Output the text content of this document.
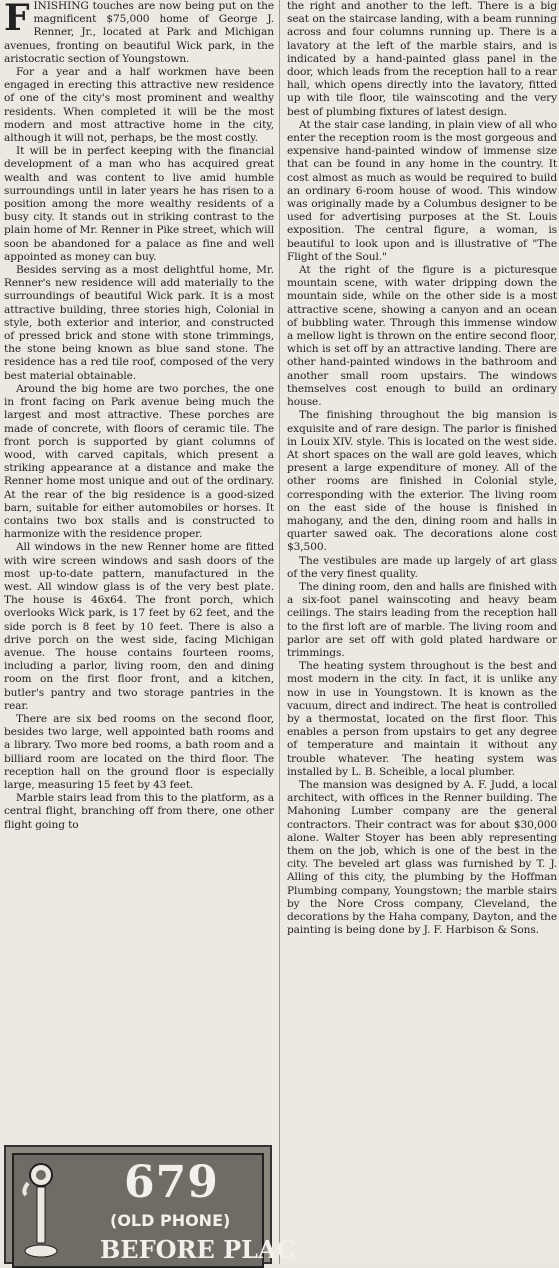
FINISHING touches are now being put on the magnificent $75,000 home of George J. Renner, Jr., located at Park and Michigan avenues, fronting on beautiful Wick park, in the aristocratic section of Youngstown.

For a year and a half workmen have been engaged in erecting this attractive new residence of one of the city's most prominent and wealthy residents. When completed it will be the most modern and most attractive home in the city, although it will not, perhaps, be the most costly.

It will be in perfect keeping with the financial development of a man who has acquired great wealth and was content to live amid humble surroundings until in later years he has risen to a position among the more wealthy residents of a busy city. It stands out in striking contrast to the plain home of Mr. Renner in Pike street, which will soon be abandoned for a palace as fine and well appointed as money can buy.

Besides serving as a most delightful home, Mr. Renner's new residence will add materially to the surroundings of beautiful Wick park. It is a most attractive building, three stories high, Colonial in style, both exterior and interior, and constructed of pressed brick and stone with stone trimmings, the stone being known as blue sand stone. The residence has a red tile roof, composed of the very best material obtainable.

Around the big home are two porches, the one in front facing on Park avenue being much the largest and most attractive. These porches are made of concrete, with floors of ceramic tile. The front porch is supported by giant columns of wood, with carved capitals, which present a striking appearance at a distance and make the Renner home most unique and out of the ordinary. At the rear of the big residence is a good-sized barn, suitable for either automobiles or horses. It contains two box stalls and is constructed to harmonize with the residence proper.

All windows in the new Renner home are fitted with wire screen windows and sash doors of the most up-to-date pattern, manufactured in the west. All window glass is of the very best plate. The house is 46x64. The front porch, which overlooks Wick park, is 17 feet by 62 feet, and the side porch is 8 feet by 10 feet. There is also a drive porch on the west side, facing Michigan avenue. The house contains fourteen rooms, including a parlor, living room, den and dining room on the first floor front, and a kitchen, butler's pantry and two storage pantries in the rear.

There are six bed rooms on the second floor, besides two large, well appointed bath rooms and a library. Two more bed rooms, a bath room and a billiard room are located on the third floor. The reception hall on the ground floor is especially large, measuring 15 feet by 43 feet.

Marble stairs lead from this to the platform, as a central flight, branching off from there, one other flight going to

the right and another to the left. There is a big seat on the staircase landing, with a beam running across and four columns running up. There is a lavatory at the left of the marble stairs, and is indicated by a hand-painted glass panel in the door, which leads from the reception hall to a rear hall, which opens directly into the lavatory, fitted up with tile floor, tile wainscoting and the very best of plumbing fixtures of latest design.

At the stair case landing, in plain view of all who enter the reception room is the most gorgeous and expensive hand-painted window of immense size that can be found in any home in the country. It cost almost as much as would be required to build an ordinary 6-room house of wood. This window was originally made by a Columbus designer to be used for advertising purposes at the St. Louis exposition. The central figure, a woman, is beautiful to look upon and is illustrative of "The Flight of the Soul."

At the right of the figure is a picturesque mountain scene, with water dripping down the mountain side, while on the other side is a most attractive scene, showing a canyon and an ocean of bubbling water. Through this immense window a mellow light is thrown on the entire second floor, which is set off by an attractive landing. There are other hand-painted windows in the bathroom and another small room upstairs. The windows themselves cost enough to build an ordinary house.

The finishing throughout the big mansion is exquisite and of rare design. The parlor is finished in Louix XIV. style. This is located on the west side. At short spaces on the wall are gold leaves, which present a large expenditure of money. All of the other rooms are finished in Colonial style, corresponding with the exterior. The living room on the east side of the house is finished in mahogany, and the den, dining room and halls in quarter sawed oak. The decorations alone cost $3,500.

The vestibules are made up largely of art glass of the very finest quality.

The dining room, den and halls are finished with a six-foot panel wainscoting and heavy beam ceilings. The stairs leading from the reception hall to the first loft are of marble. The living room and parlor are set off with gold plated hardware or trimmings.

The heating system throughout is the best and most modern in the city. In fact, it is unlike any now in use in Youngstown. It is known as the vacuum, direct and indirect. The heat is controlled by a thermostat, located on the first floor. This enables a person from upstairs to get any degree of temperature and maintain it without any trouble whatever. The heating system was installed by L. B. Scheible, a local plumber.

The mansion was designed by A. F. Judd, a local architect, with offices in the Renner building. The Mahoning Lumber company are the general contractors. Their contract was for about $30,000 alone. Walter Stoyer has been ably representing them on the job, which is one of the best in the city. The beveled art glass was furnished by T. J. Alling of this city, the plumbing by the Hoffman Plumbing company, Youngstown; the marble stairs by the Nore Cross company, Cleveland, the decorations by the Haha company, Dayton, and the painting is being done by J. F. Harbison & Sons.

679
(OLD PHONE)
BEFORE PLAC
